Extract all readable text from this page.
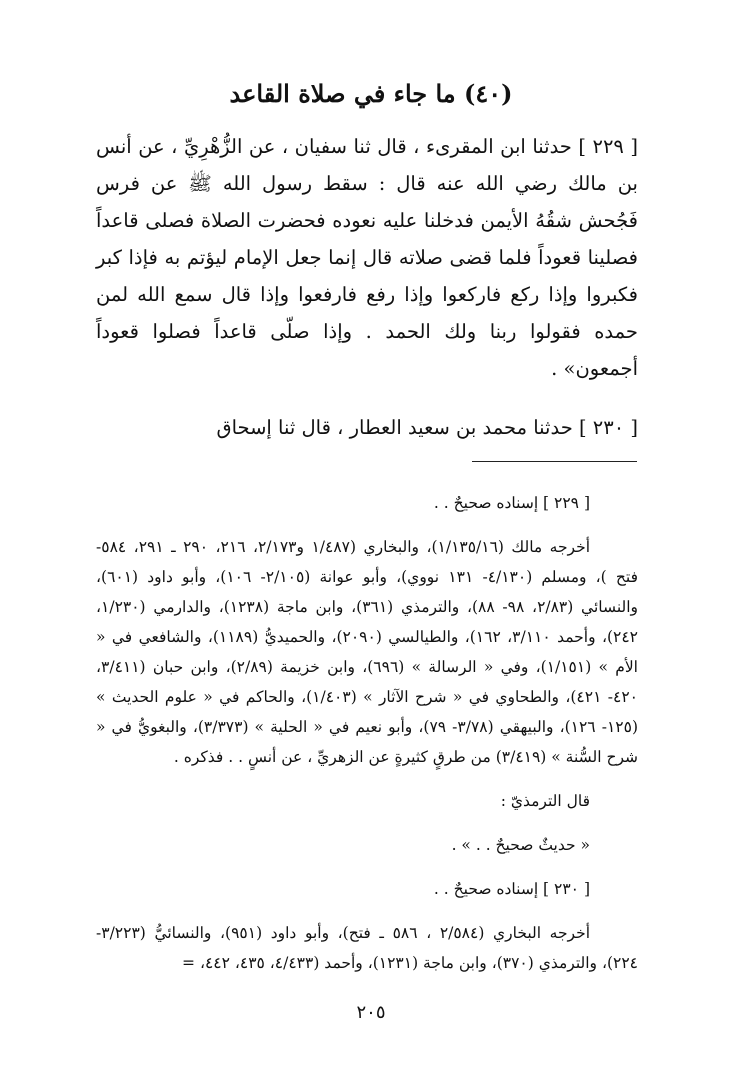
(٤٠) ما جاء في صلاة القاعد

[ ٢٢٩ ] حدثنا ابن المقرىء ، قال ثنا سفيان ، عن الزُّهْرِيِّ ، عن أنس بن مالك رضي الله عنه قال : سقط رسول الله ﷺ عن فرس فَجُحش شقُهُ الأيمن فدخلنا عليه نعوده فحضرت الصلاة فصلى قاعداً فصلينا قعوداً فلما قضى صلاته قال إنما جعل الإمام ليؤتم به فإذا كبر فكبروا وإذا ركع فاركعوا وإذا رفع فارفعوا وإذا قال سمع الله لمن حمده فقولوا ربنا ولك الحمد . وإذا صلّى قاعداً فصلوا قعوداً أجمعون» .

[ ٢٣٠ ] حدثنا محمد بن سعيد العطار ، قال ثنا إسحاق

[ ٢٢٩ ] إسناده صحيحٌ . .

أخرجه مالك (١/١٣٥/١٦)، والبخاري (١/٤٨٧ و٢/١٧٣، ٢١٦، ٢٩٠ ـ ٢٩١، ٥٨٤- فتح )، ومسلم (٤/١٣٠- ١٣١ نووي)، وأبو عوانة (٢/١٠٥- ١٠٦)، وأبو داود (٦٠١)، والنسائي (٢/٨٣، ٩٨- ٨٨)، والترمذي (٣٦١)، وابن ماجة (١٢٣٨)، والدارمي (١/٢٣٠، ٢٤٢)، وأحمد ٣/١١٠، ١٦٢)، والطيالسي (٢٠٩٠)، والحميديُّ (١١٨٩)، والشافعي في « الأم » (١/١٥١)، وفي « الرسالة » (٦٩٦)، وابن خزيمة (٢/٨٩)، وابن حبان (٣/٤١١، ٤٢٠- ٤٢١)، والطحاوي في « شرح الآثار » (١/٤٠٣)، والحاكم في « علوم الحديث » (١٢٥- ١٢٦)، والبيهقي (٣/٧٨- ٧٩)، وأبو نعيم في « الحلية » (٣/٣٧٣)، والبغويُّ في « شرح السُّنة » (٣/٤١٩) من طرقٍ كثيرةٍ عن الزهريِّ ، عن أنسٍ . . فذكره .

قال الترمذيّ :

« حديثٌ صحيحٌ . . » .

[ ٢٣٠ ] إسناده صحيحٌ . .

أخرجه البخاري (٢/٥٨٤ ، ٥٨٦ ـ فتح)، وأبو داود (٩٥١)، والنسائيُّ (٣/٢٢٣- ٢٢٤)، والترمذي (٣٧٠)، وابن ماجة (١٢٣١)، وأحمد (٤/٤٣٣، ٤٣٥، ٤٤٢، =

٢٠٥
